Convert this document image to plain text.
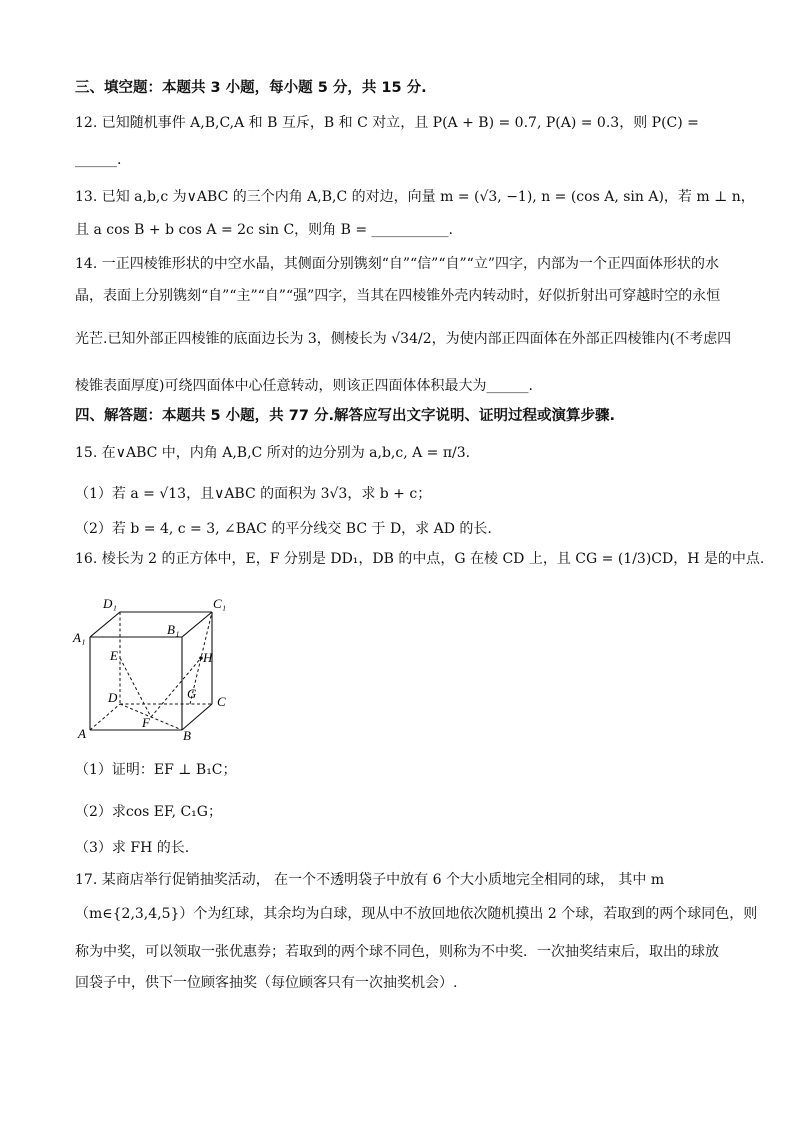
三、填空题：本题共 3 小题，每小题 5 分，共 15 分.
12. 已知随机事件 A,B,C,A 和 B 互斥，B 和 C 对立，且 P(A + B) = 0.7, P(A) = 0.3，则 P(C) =
______.
13. 已知 a,b,c 为∨ABC 的三个内角 A,B,C 的对边，向量 m = (√3, −1), n = (cos A, sin A)，若 m ⊥ n，
且 a cos B + b cos A = 2c sin C，则角 B = ___________.
14. 一正四棱锥形状的中空水晶，其侧面分别镌刻“自”“信”“自”“立”四字，内部为一个正四面体形状的水
晶，表面上分别镌刻“自”“主”“自”“强”四字，当其在四棱锥外壳内转动时，好似折射出可穿越时空的永恒
光芒.已知外部正四棱锥的底面边长为 3，侧棱长为 √34/2，为使内部正四面体在外部正四棱锥内(不考虑四
棱锥表面厚度)可绕四面体中心任意转动，则该正四面体体积最大为______.
四、解答题：本题共 5 小题，共 77 分.解答应写出文字说明、证明过程或演算步骤.
15. 在∨ABC 中，内角 A,B,C 所对的边分别为 a,b,c, A = π/3.
（1）若 a = √13，且∨ABC 的面积为 3√3，求 b + c；
（2）若 b = 4, c = 3, ∠BAC 的平分线交 BC 于 D，求 AD 的长.
16. 棱长为 2 的正方体中，E，F 分别是 DD₁，DB 的中点，G 在棱 CD 上，且 CG = (1/3)CD，H 是的中点.
D₁	C₁
A₁
B₁
E	H
D	G
C
F
A	B
（1）证明：EF ⊥ B₁C；
（2）求cos EF, C₁G；
（3）求 FH 的长.
17. 某商店举行促销抽奖活动， 在一个不透明袋子中放有 6 个大小质地完全相同的球， 其中 m
（m∈{2,3,4,5}）个为红球，其余均为白球，现从中不放回地依次随机摸出 2 个球，若取到的两个球同色，则
称为中奖，可以领取一张优惠券；若取到的两个球不同色，则称为不中奖．一次抽奖结束后，取出的球放
回袋子中，供下一位顾客抽奖（每位顾客只有一次抽奖机会）.
